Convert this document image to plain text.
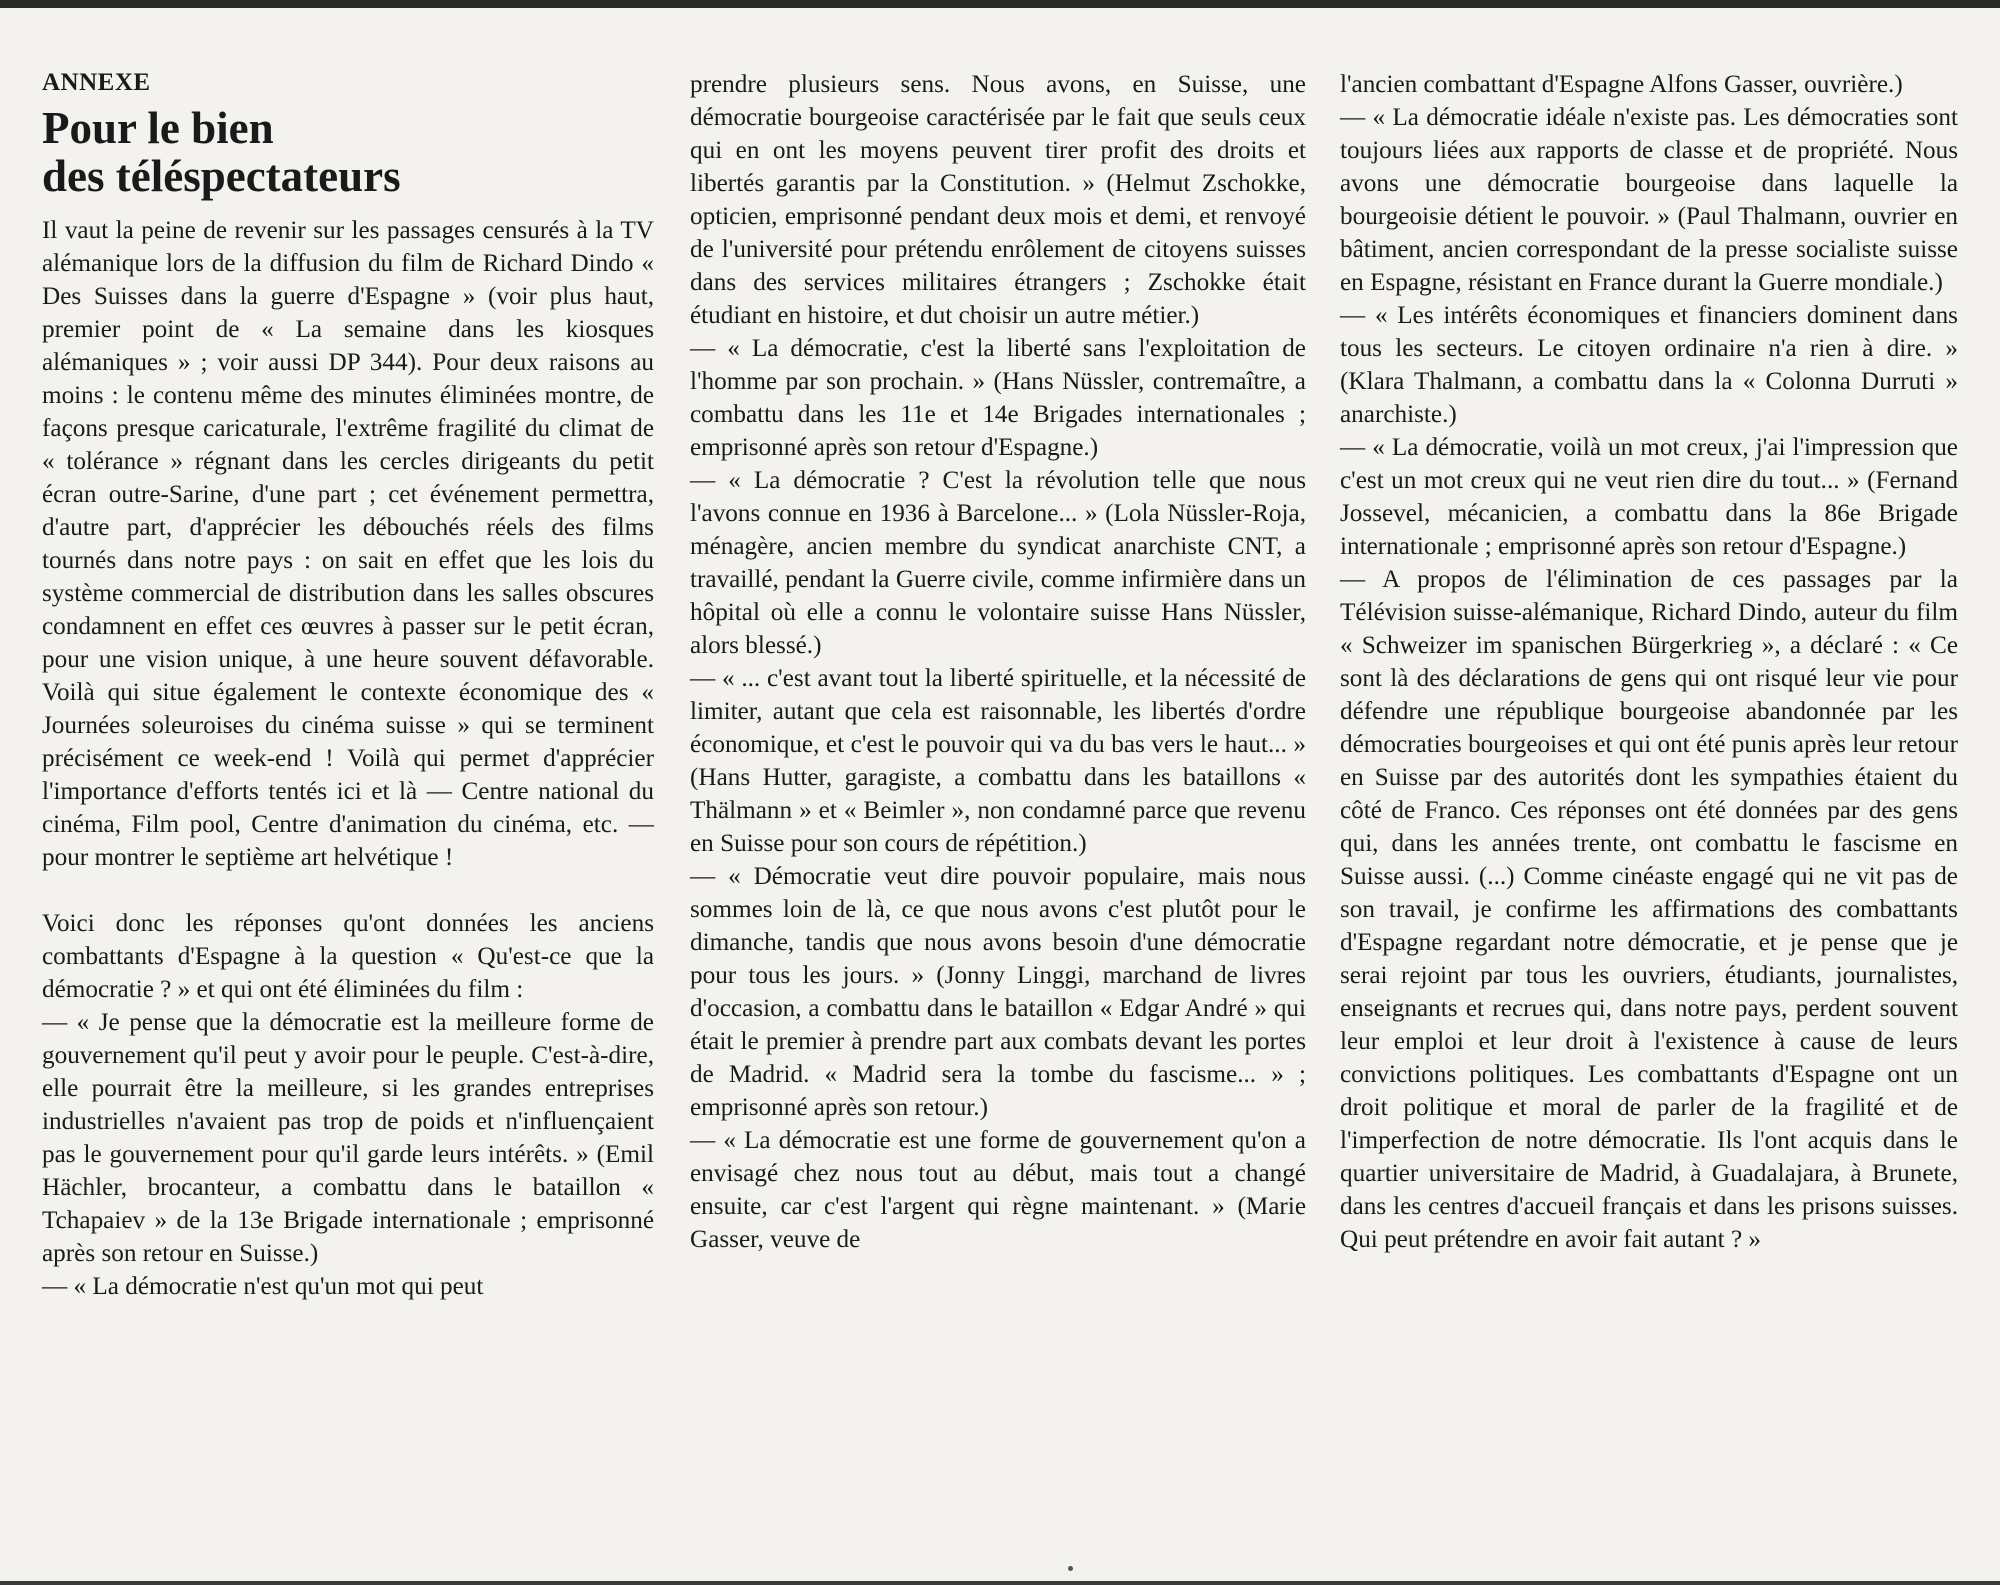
ANNEXE
Pour le bien
des téléspectateurs

Il vaut la peine de revenir sur les passages censurés à la TV alémanique lors de la diffusion du film de Richard Dindo « Des Suisses dans la guerre d'Espagne » (voir plus haut, premier point de « La semaine dans les kiosques alémaniques » ; voir aussi DP 344). Pour deux raisons au moins : le contenu même des minutes éliminées montre, de façons presque caricaturale, l'extrême fragilité du climat de « tolérance » régnant dans les cercles dirigeants du petit écran outre-Sarine, d'une part ; cet événement permettra, d'autre part, d'apprécier les débouchés réels des films tournés dans notre pays : on sait en effet que les lois du système commercial de distribution dans les salles obscures condamnent en effet ces œuvres à passer sur le petit écran, pour une vision unique, à une heure souvent défavorable. Voilà qui situe également le contexte économique des « Journées soleuroises du cinéma suisse » qui se terminent précisément ce week-end ! Voilà qui permet d'apprécier l'importance d'efforts tentés ici et là — Centre national du cinéma, Film pool, Centre d'animation du cinéma, etc. — pour montrer le septième art helvétique !

Voici donc les réponses qu'ont données les anciens combattants d'Espagne à la question « Qu'est-ce que la démocratie ? » et qui ont été éliminées du film :

— « Je pense que la démocratie est la meilleure forme de gouvernement qu'il peut y avoir pour le peuple. C'est-à-dire, elle pourrait être la meilleure, si les grandes entreprises industrielles n'avaient pas trop de poids et n'influençaient pas le gouvernement pour qu'il garde leurs intérêts. » (Emil Hächler, brocanteur, a combattu dans le bataillon « Tchapaiev » de la 13e Brigade internationale ; emprisonné après son retour en Suisse.)

— « La démocratie n'est qu'un mot qui peut

prendre plusieurs sens. Nous avons, en Suisse, une démocratie bourgeoise caractérisée par le fait que seuls ceux qui en ont les moyens peuvent tirer profit des droits et libertés garantis par la Constitution. » (Helmut Zschokke, opticien, emprisonné pendant deux mois et demi, et renvoyé de l'université pour prétendu enrôlement de citoyens suisses dans des services militaires étrangers ; Zschokke était étudiant en histoire, et dut choisir un autre métier.)

— « La démocratie, c'est la liberté sans l'exploitation de l'homme par son prochain. » (Hans Nüssler, contremaître, a combattu dans les 11e et 14e Brigades internationales ; emprisonné après son retour d'Espagne.)

— « La démocratie ? C'est la révolution telle que nous l'avons connue en 1936 à Barcelone... » (Lola Nüssler-Roja, ménagère, ancien membre du syndicat anarchiste CNT, a travaillé, pendant la Guerre civile, comme infirmière dans un hôpital où elle a connu le volontaire suisse Hans Nüssler, alors blessé.)

— « ... c'est avant tout la liberté spirituelle, et la nécessité de limiter, autant que cela est raisonnable, les libertés d'ordre économique, et c'est le pouvoir qui va du bas vers le haut... » (Hans Hutter, garagiste, a combattu dans les bataillons « Thälmann » et « Beimler », non condamné parce que revenu en Suisse pour son cours de répétition.)

— « Démocratie veut dire pouvoir populaire, mais nous sommes loin de là, ce que nous avons c'est plutôt pour le dimanche, tandis que nous avons besoin d'une démocratie pour tous les jours. » (Jonny Linggi, marchand de livres d'occasion, a combattu dans le bataillon « Edgar André » qui était le premier à prendre part aux combats devant les portes de Madrid. « Madrid sera la tombe du fascisme... » ; emprisonné après son retour.)

— « La démocratie est une forme de gouvernement qu'on a envisagé chez nous tout au début, mais tout a changé ensuite, car c'est l'argent qui règne maintenant. » (Marie Gasser, veuve de

l'ancien combattant d'Espagne Alfons Gasser, ouvrière.)

— « La démocratie idéale n'existe pas. Les démocraties sont toujours liées aux rapports de classe et de propriété. Nous avons une démocratie bourgeoise dans laquelle la bourgeoisie détient le pouvoir. » (Paul Thalmann, ouvrier en bâtiment, ancien correspondant de la presse socialiste suisse en Espagne, résistant en France durant la Guerre mondiale.)

— « Les intérêts économiques et financiers dominent dans tous les secteurs. Le citoyen ordinaire n'a rien à dire. » (Klara Thalmann, a combattu dans la « Colonna Durruti » anarchiste.)

— « La démocratie, voilà un mot creux, j'ai l'impression que c'est un mot creux qui ne veut rien dire du tout... » (Fernand Jossevel, mécanicien, a combattu dans la 86e Brigade internationale ; emprisonné après son retour d'Espagne.)

— A propos de l'élimination de ces passages par la Télévision suisse-alémanique, Richard Dindo, auteur du film « Schweizer im spanischen Bürgerkrieg », a déclaré : « Ce sont là des déclarations de gens qui ont risqué leur vie pour défendre une république bourgeoise abandonnée par les démocraties bourgeoises et qui ont été punis après leur retour en Suisse par des autorités dont les sympathies étaient du côté de Franco. Ces réponses ont été données par des gens qui, dans les années trente, ont combattu le fascisme en Suisse aussi. (...) Comme cinéaste engagé qui ne vit pas de son travail, je confirme les affirmations des combattants d'Espagne regardant notre démocratie, et je pense que je serai rejoint par tous les ouvriers, étudiants, journalistes, enseignants et recrues qui, dans notre pays, perdent souvent leur emploi et leur droit à l'existence à cause de leurs convictions politiques. Les combattants d'Espagne ont un droit politique et moral de parler de la fragilité et de l'imperfection de notre démocratie. Ils l'ont acquis dans le quartier universitaire de Madrid, à Guadalajara, à Brunete, dans les centres d'accueil français et dans les prisons suisses. Qui peut prétendre en avoir fait autant ? »
